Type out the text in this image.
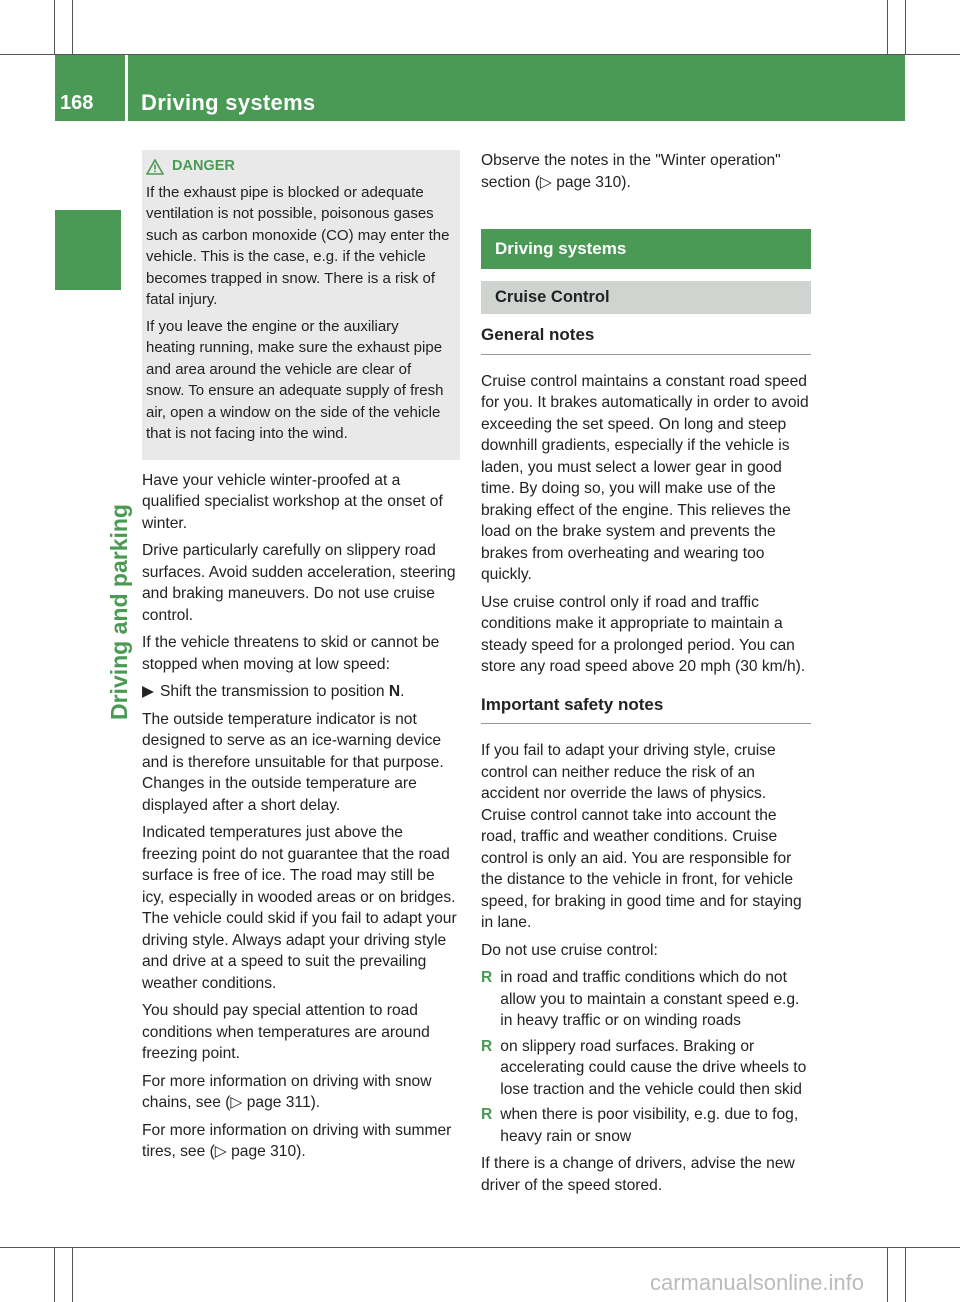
168	Driving systems
Driving and parking
DANGER

If the exhaust pipe is blocked or adequate ventilation is not possible, poisonous gases such as carbon monoxide (CO) may enter the vehicle. This is the case, e.g. if the vehicle becomes trapped in snow. There is a risk of fatal injury.

If you leave the engine or the auxiliary heating running, make sure the exhaust pipe and area around the vehicle are clear of snow. To ensure an adequate supply of fresh air, open a window on the side of the vehicle that is not facing into the wind.

Have your vehicle winter-proofed at a qualified specialist workshop at the onset of winter.

Drive particularly carefully on slippery road surfaces. Avoid sudden acceleration, steering and braking maneuvers. Do not use cruise control.

If the vehicle threatens to skid or cannot be stopped when moving at low speed:

▶ Shift the transmission to position N.

The outside temperature indicator is not designed to serve as an ice-warning device and is therefore unsuitable for that purpose. Changes in the outside temperature are displayed after a short delay.

Indicated temperatures just above the freezing point do not guarantee that the road surface is free of ice. The road may still be icy, especially in wooded areas or on bridges. The vehicle could skid if you fail to adapt your driving style. Always adapt your driving style and drive at a speed to suit the prevailing weather conditions.

You should pay special attention to road conditions when temperatures are around freezing point.

For more information on driving with snow chains, see (▷ page 311).

For more information on driving with summer tires, see (▷ page 310).

Observe the notes in the "Winter operation" section (▷ page 310).

Driving systems
Cruise Control
General notes

Cruise control maintains a constant road speed for you. It brakes automatically in order to avoid exceeding the set speed. On long and steep downhill gradients, especially if the vehicle is laden, you must select a lower gear in good time. By doing so, you will make use of the braking effect of the engine. This relieves the load on the brake system and prevents the brakes from overheating and wearing too quickly.

Use cruise control only if road and traffic conditions make it appropriate to maintain a steady speed for a prolonged period. You can store any road speed above 20 mph (30 km/h).

Important safety notes

If you fail to adapt your driving style, cruise control can neither reduce the risk of an accident nor override the laws of physics. Cruise control cannot take into account the road, traffic and weather conditions. Cruise control is only an aid. You are responsible for the distance to the vehicle in front, for vehicle speed, for braking in good time and for staying in lane.

Do not use cruise control:

R in road and traffic conditions which do not allow you to maintain a constant speed e.g. in heavy traffic or on winding roads
R on slippery road surfaces. Braking or accelerating could cause the drive wheels to lose traction and the vehicle could then skid
R when there is poor visibility, e.g. due to fog, heavy rain or snow

If there is a change of drivers, advise the new driver of the speed stored.

carmanualsonline.info
